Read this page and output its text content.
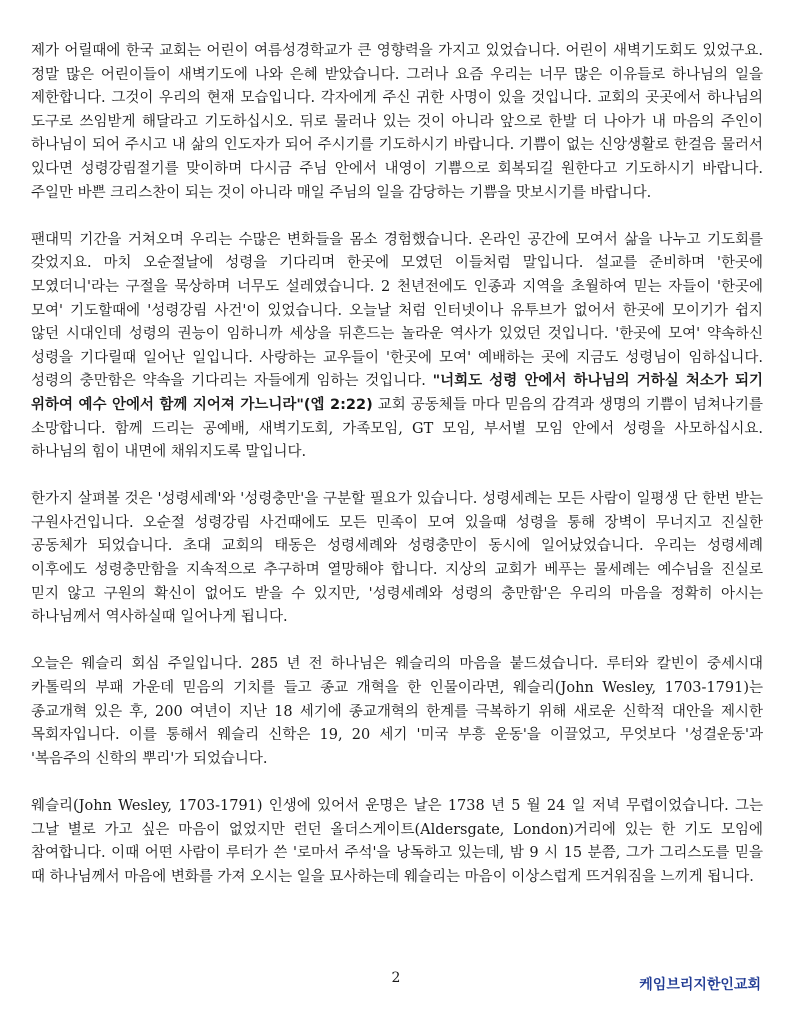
제가 어릴때에 한국 교회는 어린이 여름성경학교가 큰 영향력을 가지고 있었습니다. 어린이 새벽기도회도 있었구요. 정말 많은 어린이들이 새벽기도에 나와 은혜 받았습니다. 그러나 요즘 우리는 너무 많은 이유들로 하나님의 일을 제한합니다. 그것이 우리의 현재 모습입니다. 각자에게 주신 귀한 사명이 있을 것입니다. 교회의 곳곳에서 하나님의 도구로 쓰임받게 해달라고 기도하십시오. 뒤로 물러나 있는 것이 아니라 앞으로 한발 더 나아가 내 마음의 주인이 하나님이 되어 주시고 내 삶의 인도자가 되어 주시기를 기도하시기 바랍니다. 기쁨이 없는 신앙생활로 한걸음 물러서 있다면 성령강림절기를 맞이하며 다시금 주님 안에서 내영이 기쁨으로 회복되길 원한다고 기도하시기 바랍니다. 주일만 바쁜 크리스찬이 되는 것이 아니라 매일 주님의 일을 감당하는 기쁨을 맛보시기를 바랍니다.

팬대믹 기간을 거쳐오며 우리는 수많은 변화들을 몸소 경험했습니다. 온라인 공간에 모여서 삶을 나누고 기도회를 갖었지요. 마치 오순절날에 성령을 기다리며 한곳에 모였던 이들처럼 말입니다. 설교를 준비하며 '한곳에 모였더니'라는 구절을 묵상하며 너무도 설레였습니다. 2 천년전에도 인종과 지역을 초월하여 믿는 자들이 '한곳에 모여' 기도할때에 '성령강림 사건'이 있었습니다. 오늘날 처럼 인터넷이나 유투브가 없어서 한곳에 모이기가 쉽지 않던 시대인데 성령의 권능이 임하니까 세상을 뒤흔드는 놀라운 역사가 있었던 것입니다. '한곳에 모여' 약속하신 성령을 기다릴때 일어난 일입니다. 사랑하는 교우들이 '한곳에 모여' 예배하는 곳에 지금도 성령님이 임하십니다. 성령의 충만함은 약속을 기다리는 자들에게 임하는 것입니다. "너희도 성령 안에서 하나님의 거하실 처소가 되기 위하여 예수 안에서 함께 지어져 가느니라"(엡 2:22) 교회 공동체들 마다 믿음의 감격과 생명의 기쁨이 넘쳐나기를 소망합니다. 함께 드리는 공예배, 새벽기도회, 가족모임, GT 모임, 부서별 모임 안에서 성령을 사모하십시요. 하나님의 힘이 내면에 채워지도록 말입니다.

한가지 살펴볼 것은 '성령세례'와 '성령충만'을 구분할 필요가 있습니다. 성령세례는 모든 사람이 일평생 단 한번 받는 구원사건입니다. 오순절 성령강림 사건때에도 모든 민족이 모여 있을때 성령을 통해 장벽이 무너지고 진실한 공동체가 되었습니다. 초대 교회의 태동은 성령세례와 성령충만이 동시에 일어났었습니다. 우리는 성령세례 이후에도 성령충만함을 지속적으로 추구하며 열망해야 합니다. 지상의 교회가 베푸는 물세례는 예수님을 진실로 믿지 않고 구원의 확신이 없어도 받을 수 있지만, '성령세례와 성령의 충만함'은 우리의 마음을 정확히 아시는 하나님께서 역사하실때 일어나게 됩니다.

오늘은 웨슬리 회심 주일입니다. 285 년 전 하나님은 웨슬리의 마음을 붙드셨습니다. 루터와 칼빈이 중세시대 카톨릭의 부패 가운데 믿음의 기치를 들고 종교 개혁을 한 인물이라면, 웨슬리(John Wesley, 1703-1791)는 종교개혁 있은 후, 200 여년이 지난 18 세기에 종교개혁의 한계를 극복하기 위해 새로운 신학적 대안을 제시한 목회자입니다. 이를 통해서 웨슬리 신학은 19, 20 세기 '미국 부흥 운동'을 이끌었고, 무엇보다 '성결운동'과 '복음주의 신학의 뿌리'가 되었습니다.

웨슬리(John Wesley, 1703-1791) 인생에 있어서 운명은 날은 1738 년 5 월 24 일 저녁 무렵이었습니다. 그는 그날 별로 가고 싶은 마음이 없었지만 런던 올더스게이트(Aldersgate, London)거리에 있는 한 기도 모임에 참여합니다. 이때 어떤 사람이 루터가 쓴 '로마서 주석'을 낭독하고 있는데, 밤 9 시 15 분쯤, 그가 그리스도를 믿을 때 하나님께서 마음에 변화를 가져 오시는 일을 묘사하는데 웨슬리는 마음이 이상스럽게 뜨거워짐을 느끼게 됩니다.

2	케임브리지한인교회
